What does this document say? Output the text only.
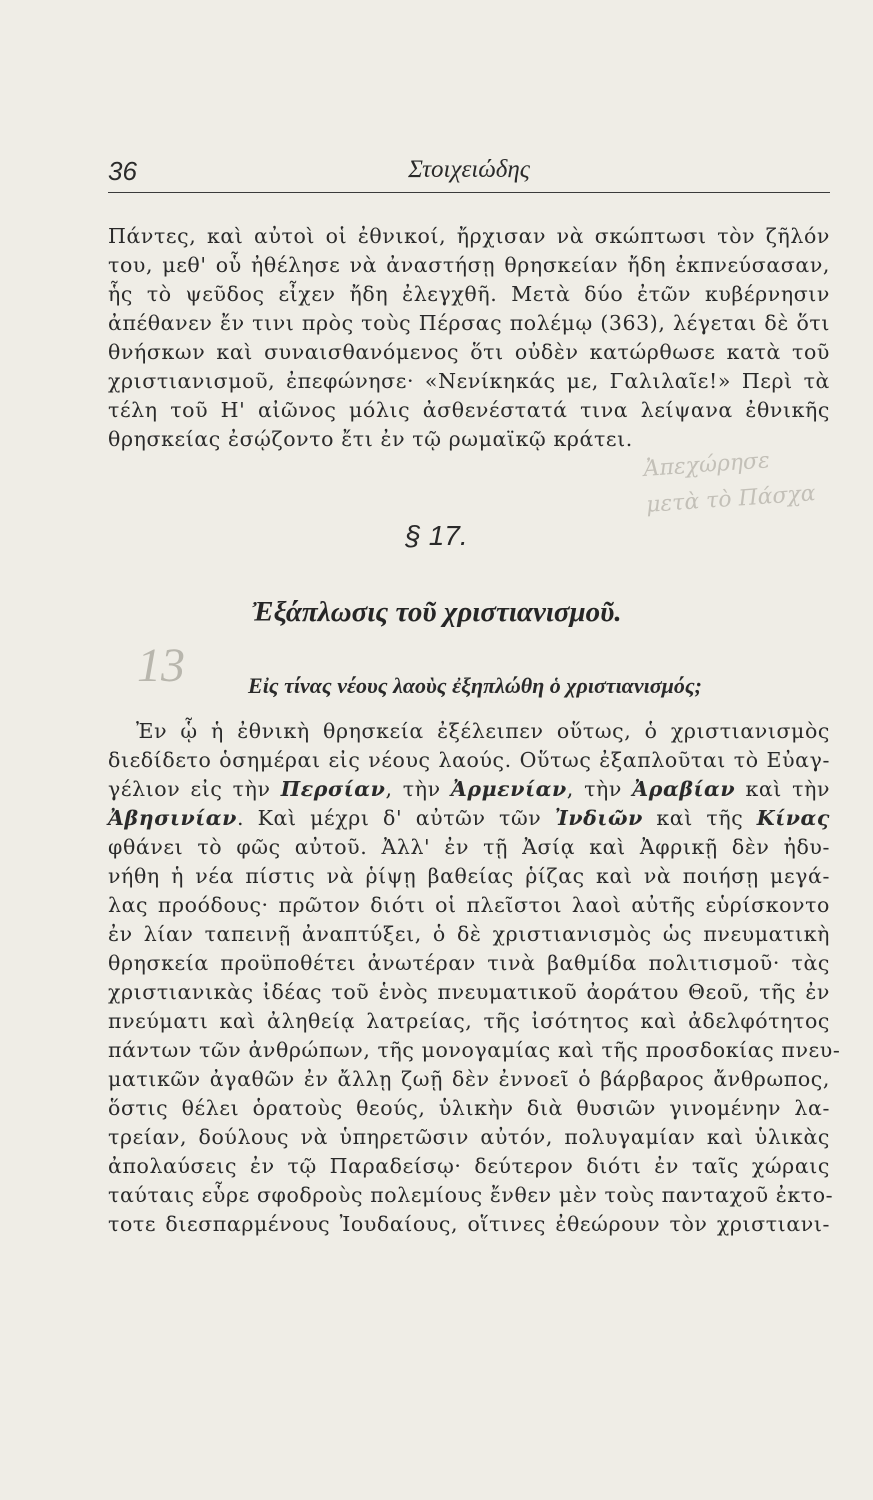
36	Στοιχειώδης
Πάντες, καὶ αὐτοὶ οἱ ἐθνικοί, ἤρχισαν νὰ σκώπτωσι τὸν ζῆλόν
του, μεθ' οὗ ἠθέλησε νὰ ἀναστήσῃ θρησκείαν ἤδη ἐκπνεύσασαν,
ἧς τὸ ψεῦδος εἶχεν ἤδη ἐλεγχθῆ. Μετὰ δύο ἐτῶν κυβέρνησιν
ἀπέθανεν ἔν τινι πρὸς τοὺς Πέρσας πολέμῳ (363), λέγεται δὲ ὅτι
θνήσκων καὶ συναισθανόμενος ὅτι οὐδὲν κατώρθωσε κατὰ τοῦ
χριστιανισμοῦ, ἐπεφώνησε· «Νενίκηκάς με, Γαλιλαῖε!» Περὶ τὰ
τέλη τοῦ Η' αἰῶνος μόλις ἀσθενέστατά τινα λείψανα ἐθνικῆς
θρησκείας ἐσῴζοντο ἔτι ἐν τῷ ρωμαϊκῷ κράτει.
Ἀπεχώρησε
μετὰ τὸ Πάσχα
§ 17.
Ἐξάπλωσις τοῦ χριστιανισμοῦ.
13	Εἰς τίνας νέους λαοὺς ἐξηπλώθη ὁ χριστιανισμός;
Ἐν ᾧ ἡ ἐθνικὴ θρησκεία ἐξέλειπεν οὕτως, ὁ χριστιανισμὸς
διεδίδετο ὁσημέραι εἰς νέους λαούς. Οὕτως ἐξαπλοῦται τὸ Εὐαγ-
γέλιον εἰς τὴν Περσίαν, τὴν Ἀρμενίαν, τὴν Ἀραβίαν καὶ τὴν
Ἀβησινίαν. Καὶ μέχρι δ' αὐτῶν τῶν Ἰνδιῶν καὶ τῆς Κίνας
φθάνει τὸ φῶς αὐτοῦ. Ἀλλ' ἐν τῇ Ἀσίᾳ καὶ Ἀφρικῇ δὲν ἠδυ-
νήθη ἡ νέα πίστις νὰ ῥίψῃ βαθείας ῥίζας καὶ νὰ ποιήσῃ μεγά-
λας προόδους· πρῶτον διότι οἱ πλεῖστοι λαοὶ αὐτῆς εὑρίσκοντο
ἐν λίαν ταπεινῇ ἀναπτύξει, ὁ δὲ χριστιανισμὸς ὡς πνευματικὴ
θρησκεία προϋποθέτει ἀνωτέραν τινὰ βαθμίδα πολιτισμοῦ· τὰς
χριστιανικὰς ἰδέας τοῦ ἑνὸς πνευματικοῦ ἀοράτου Θεοῦ, τῆς ἐν
πνεύματι καὶ ἀληθείᾳ λατρείας, τῆς ἰσότητος καὶ ἀδελφότητος
πάντων τῶν ἀνθρώπων, τῆς μονογαμίας καὶ τῆς προσδοκίας πνευ-
ματικῶν ἀγαθῶν ἐν ἄλλῃ ζωῇ δὲν ἐννοεῖ ὁ βάρβαρος ἄνθρωπος,
ὅστις θέλει ὁρατοὺς θεούς, ὑλικὴν διὰ θυσιῶν γινομένην λα-
τρείαν, δούλους νὰ ὑπηρετῶσιν αὐτόν, πολυγαμίαν καὶ ὑλικὰς
ἀπολαύσεις ἐν τῷ Παραδείσῳ· δεύτερον διότι ἐν ταῖς χώραις
ταύταις εὗρε σφοδροὺς πολεμίους ἔνθεν μὲν τοὺς πανταχοῦ ἐκτο-
τοτε διεσπαρμένους Ἰουδαίους, οἵτινες ἐθεώρουν τὸν χριστιανι-
